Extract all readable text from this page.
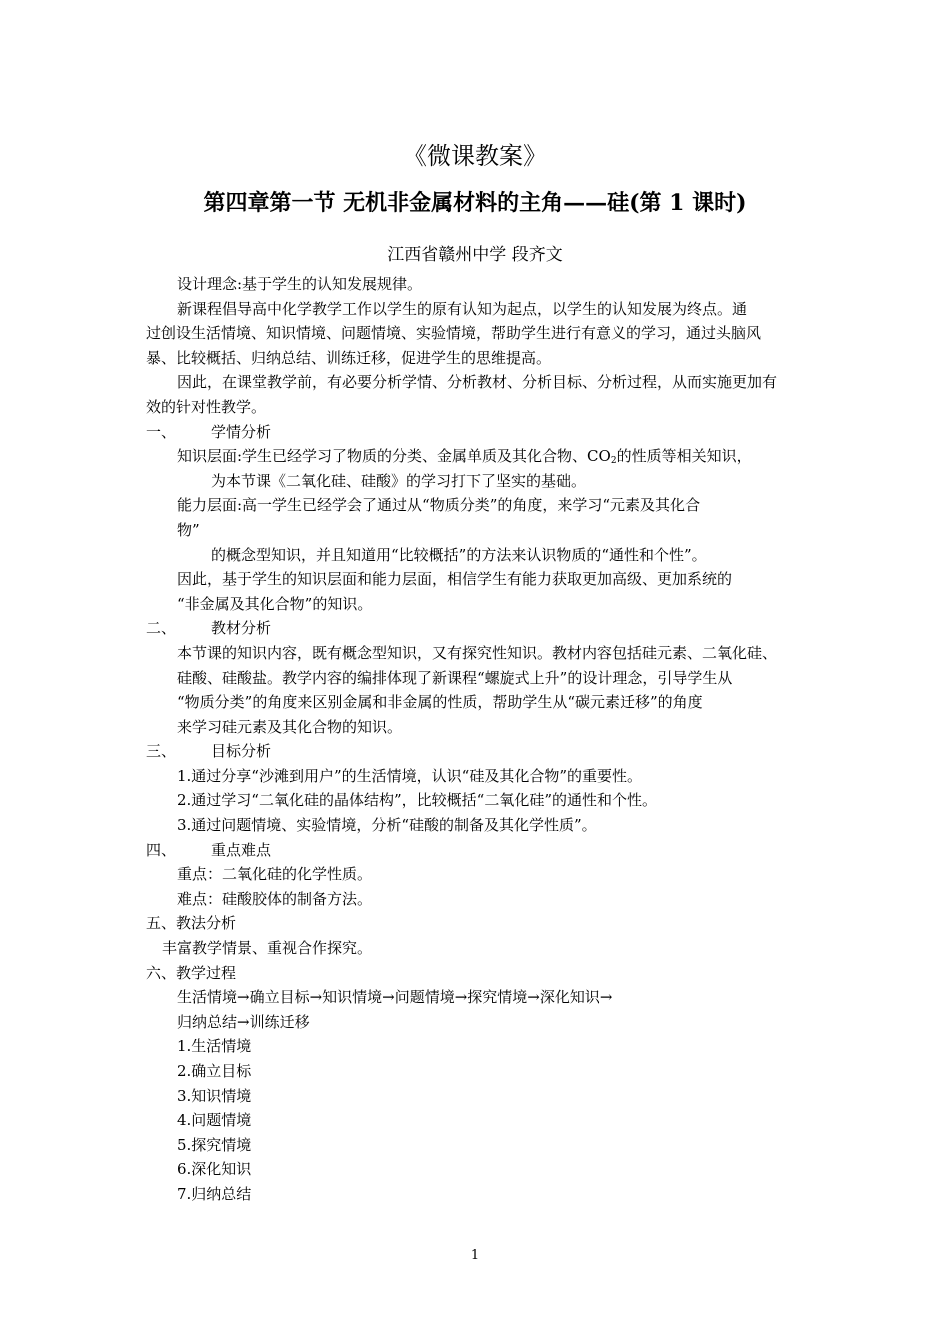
《微课教案》
第四章第一节 无机非金属材料的主角——硅(第 1 课时)
江西省赣州中学 段齐文

设计理念:基于学生的认知发展规律。

新课程倡导高中化学教学工作以学生的原有认知为起点，以学生的认知发展为终点。通

过创设生活情境、知识情境、问题情境、实验情境，帮助学生进行有意义的学习，通过头脑风

暴、比较概括、归纳总结、训练迁移，促进学生的思维提高。

因此，在课堂教学前，有必要分析学情、分析教材、分析目标、分析过程，从而实施更加有

效的针对性教学。

一、 学情分析

知识层面:学生已经学习了物质的分类、金属单质及其化合物、$CO_2$的性质等相关知识，

为本节课《二氧化硅、硅酸》的学习打下了坚实的基础。

能力层面:高一学生已经学会了通过从“物质分类”的角度，来学习“元素及其化合

物”

的概念型知识，并且知道用“比较概括”的方法来认识物质的“通性和个性”。

因此，基于学生的知识层面和能力层面，相信学生有能力获取更加高级、更加系统的

“非金属及其化合物”的知识。

二、 教材分析

本节课的知识内容，既有概念型知识，又有探究性知识。教材内容包括硅元素、二氧化硅、

硅酸、硅酸盐。教学内容的编排体现了新课程“螺旋式上升”的设计理念，引导学生从

“物质分类”的角度来区别金属和非金属的性质，帮助学生从“碳元素迁移”的角度

来学习硅元素及其化合物的知识。

三、 目标分析

1.通过分享“沙滩到用户”的生活情境，认识“硅及其化合物”的重要性。

2.通过学习“二氧化硅的晶体结构”，比较概括“二氧化硅”的通性和个性。

3.通过问题情境、实验情境，分析“硅酸的制备及其化学性质”。

四、 重点难点

重点：二氧化硅的化学性质。

难点：硅酸胶体的制备方法。

五、教法分析

丰富教学情景、重视合作探究。

六、教学过程

生活情境→确立目标→知识情境→问题情境→探究情境→深化知识→

归纳总结→训练迁移

1.生活情境

2.确立目标

3.知识情境

4.问题情境

5.探究情境

6.深化知识

7.归纳总结

1
